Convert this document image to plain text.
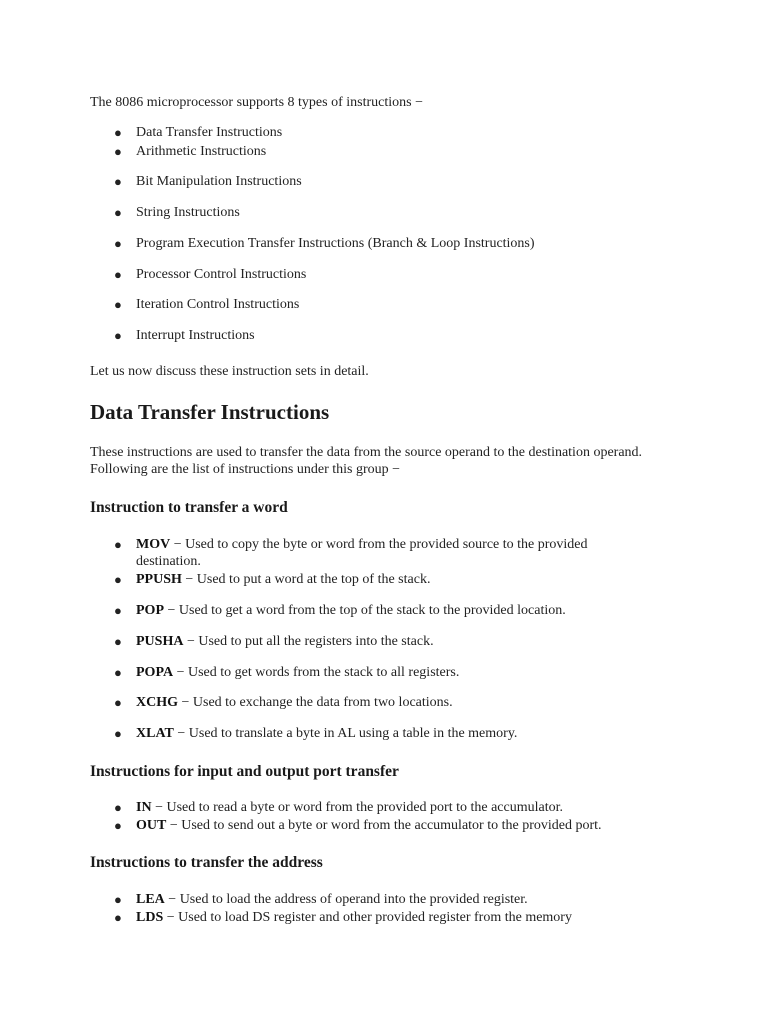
The 8086 microprocessor supports 8 types of instructions −
● Data Transfer Instructions
● Arithmetic Instructions
● Bit Manipulation Instructions
● String Instructions
● Program Execution Transfer Instructions (Branch & Loop Instructions)
● Processor Control Instructions
● Iteration Control Instructions
● Interrupt Instructions
Let us now discuss these instruction sets in detail.
Data Transfer Instructions
These instructions are used to transfer the data from the source operand to the destination operand. Following are the list of instructions under this group −
Instruction to transfer a word
● MOV − Used to copy the byte or word from the provided source to the provided destination.
● PPUSH − Used to put a word at the top of the stack.
● POP − Used to get a word from the top of the stack to the provided location.
● PUSHA − Used to put all the registers into the stack.
● POPA − Used to get words from the stack to all registers.
● XCHG − Used to exchange the data from two locations.
● XLAT − Used to translate a byte in AL using a table in the memory.
Instructions for input and output port transfer
● IN − Used to read a byte or word from the provided port to the accumulator.
● OUT − Used to send out a byte or word from the accumulator to the provided port.
Instructions to transfer the address
● LEA − Used to load the address of operand into the provided register.
● LDS − Used to load DS register and other provided register from the memory
